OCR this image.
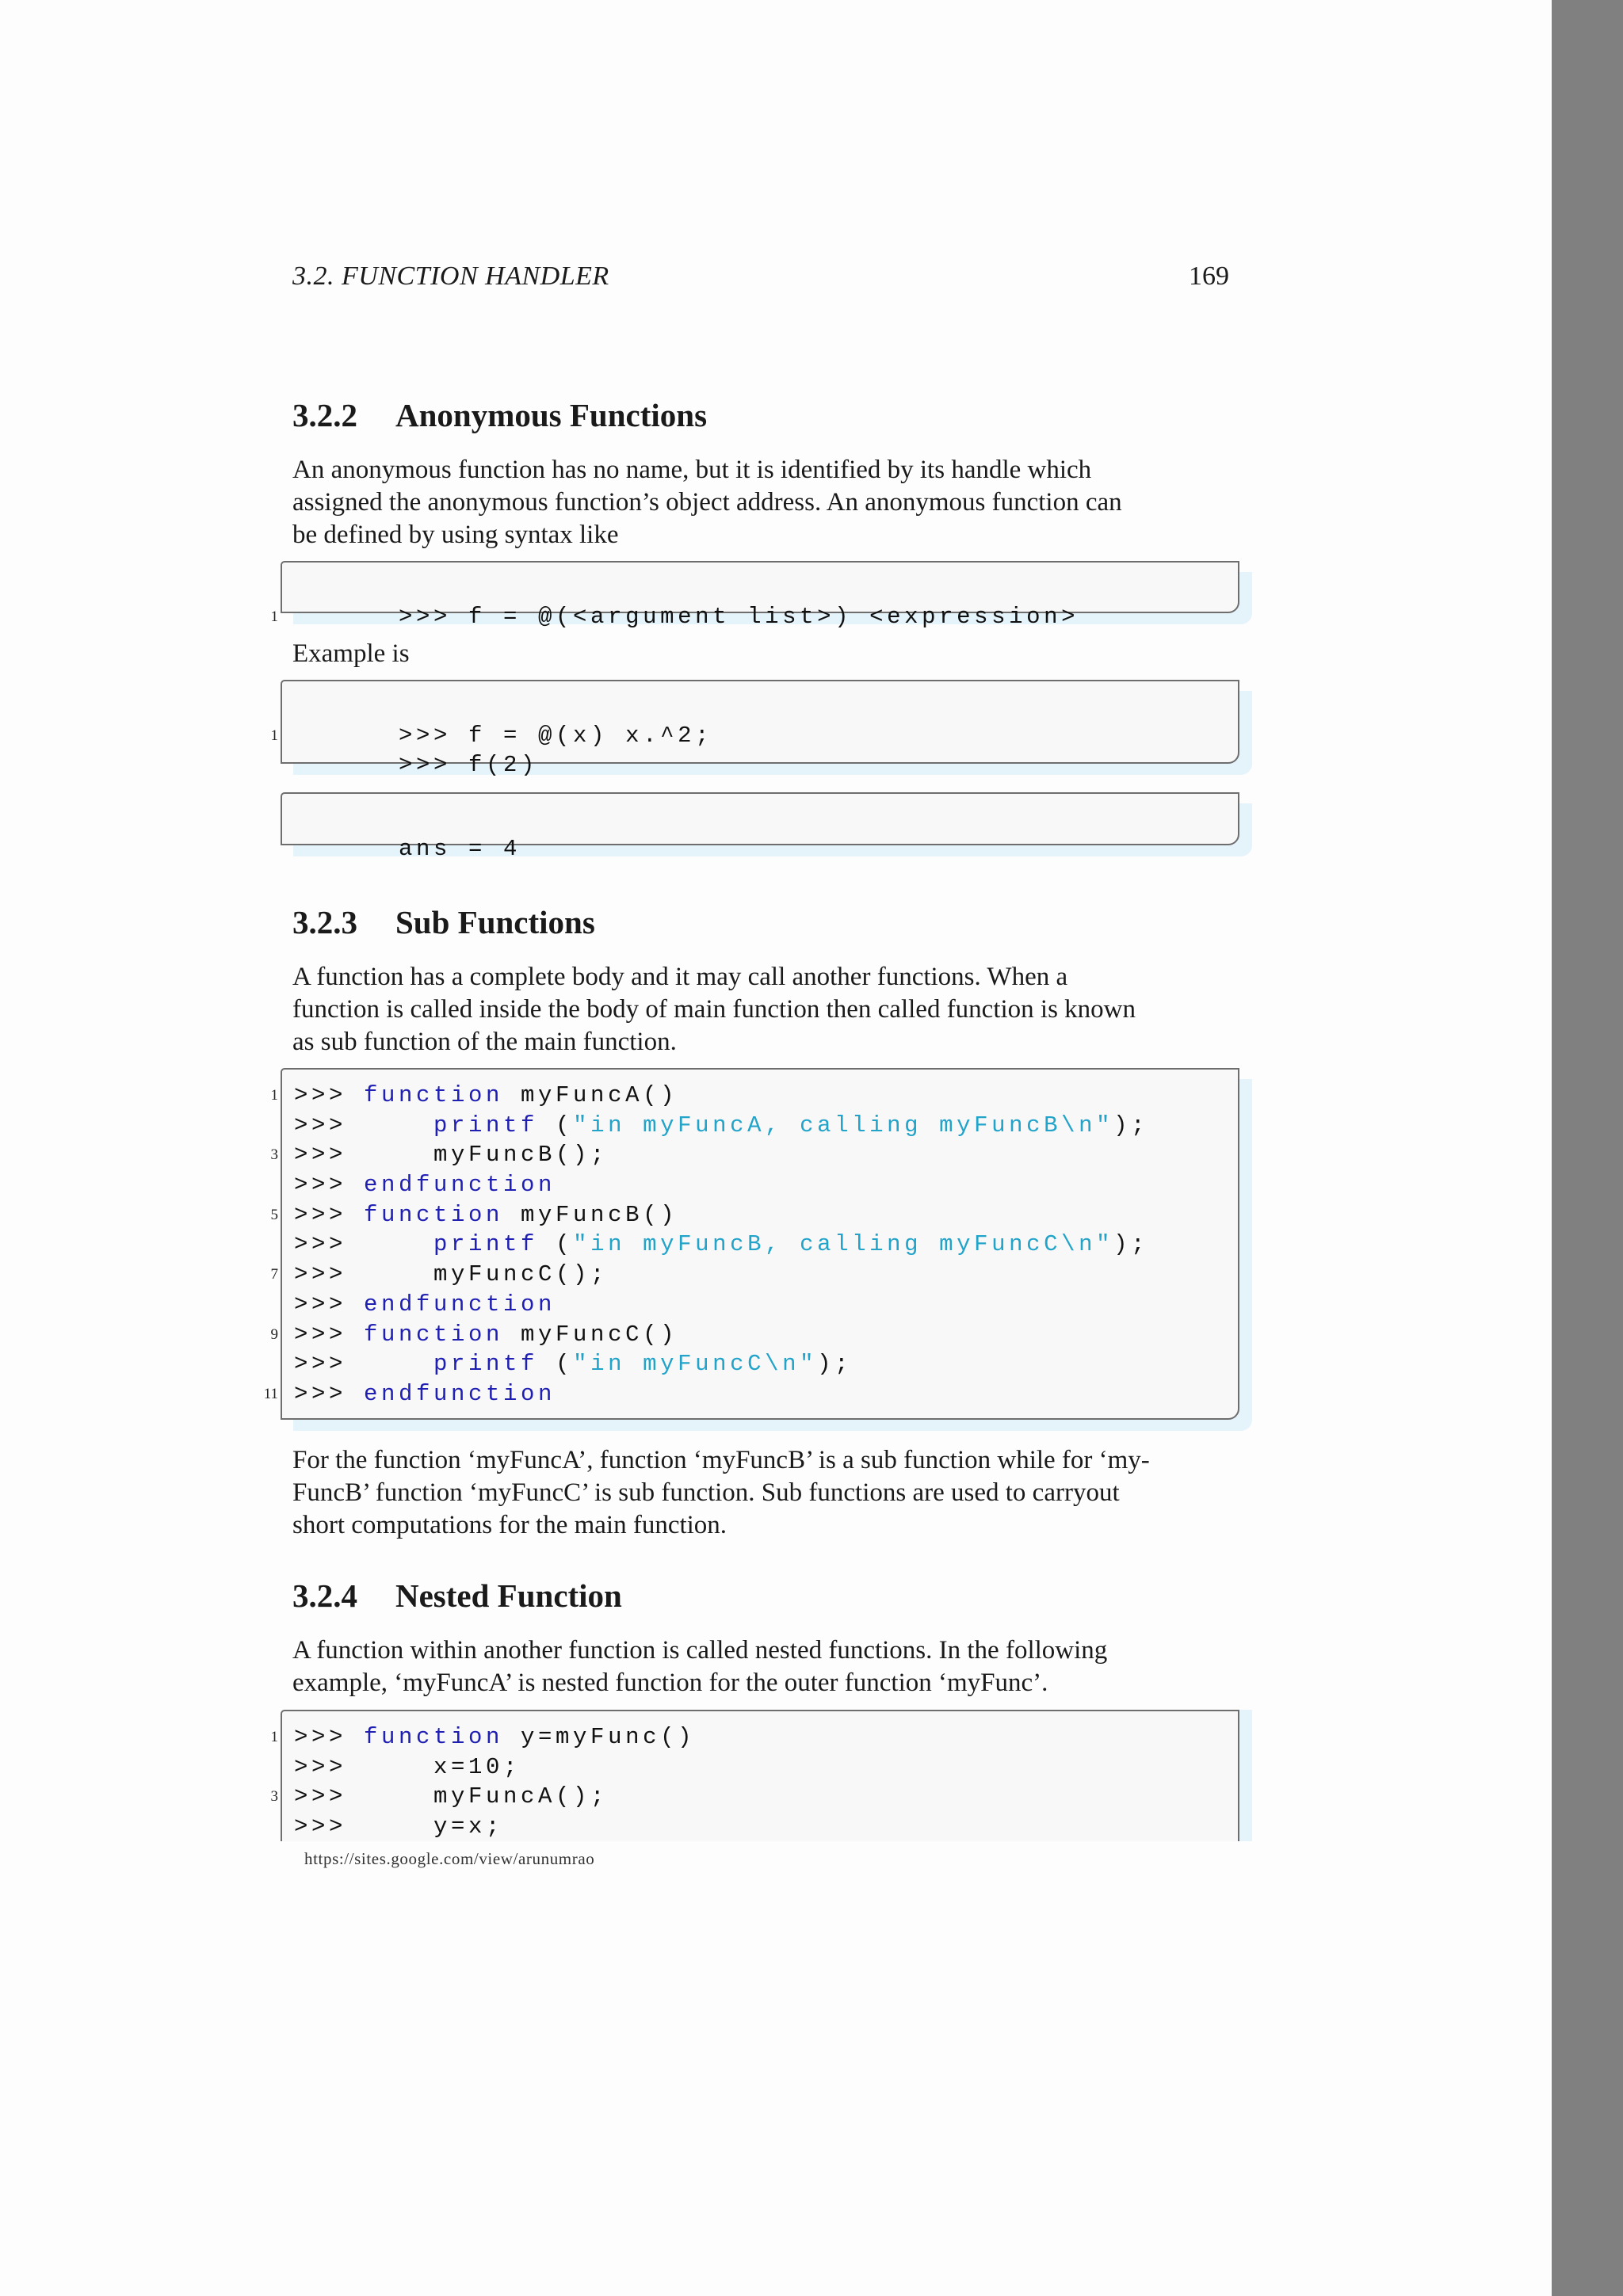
3.2. FUNCTION HANDLER	169
3.2.2 Anonymous Functions
An anonymous function has no name, but it is identified by its handle which
assigned the anonymous function’s object address. An anonymous function can
be defined by using syntax like

1	>>> f = @(<argument list>) <expression>

Example is

1	>>> f = @(x) x.^2;

>>> f(2)

ans = 4

3.2.3 Sub Functions
A function has a complete body and it may call another functions. When a
function is called inside the body of main function then called function is known
as sub function of the main function.
1 >>> function myFuncA()
>>>     printf ("in myFuncA, calling myFuncB\n");
3 >>>     myFuncB();
>>> endfunction
5 >>> function myFuncB()
>>>     printf ("in myFuncB, calling myFuncC\n");
7 >>>     myFuncC();
>>> endfunction
9 >>> function myFuncC()
>>>     printf ("in myFuncC\n");
11 >>> endfunction
For the function ‘myFuncA’, function ‘myFuncB’ is a sub function while for ‘my-
FuncB’ function ‘myFuncC’ is sub function. Sub functions are used to carryout
short computations for the main function.
3.2.4 Nested Function
A function within another function is called nested functions. In the following
example, ‘myFuncA’ is nested function for the outer function ‘myFunc’.
1 >>> function y=myFunc()
>>>     x=10;
3 >>>     myFuncA();
>>>     y=x;
https://sites.google.com/view/arunumrao
